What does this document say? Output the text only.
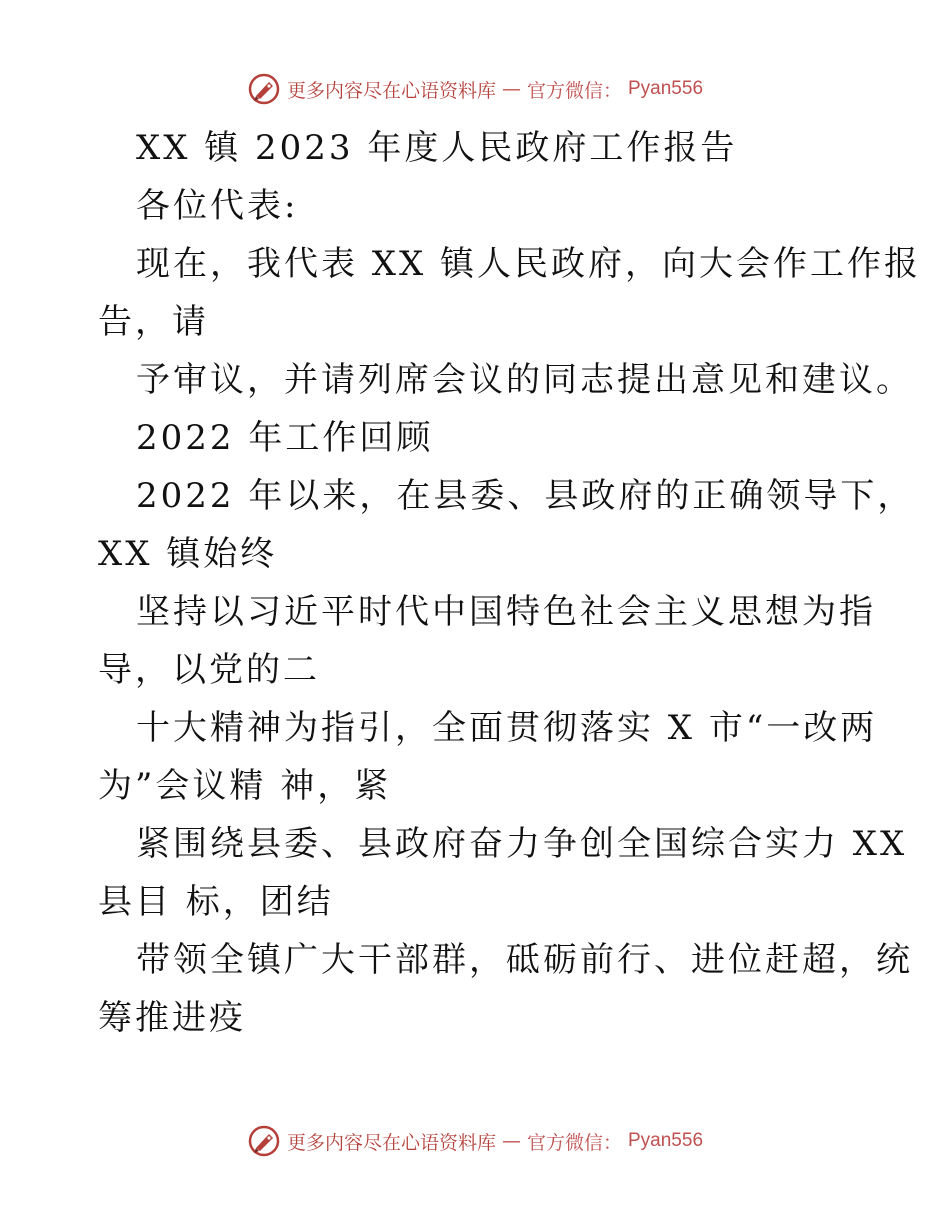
更多内容尽在心语资料库 — 官方微信： Pyan556
XX 镇 2023 年度人民政府工作报告
各位代表:
现在，我代表 XX 镇人民政府，向大会作工作报
告，请
予审议，并请列席会议的同志提出意见和建议。
2022 年工作回顾
2022 年以来，在县委、县政府的正确领导下，
XX 镇始终
坚持以习近平时代中国特色社会主义思想为指
导，以党的二
十大精神为指引，全面贯彻落实 X 市“一改两
为”会议精 神，紧
紧围绕县委、县政府奋力争创全国综合实力 XX
县目 标，团结
带领全镇广大干部群，砥砺前行、进位赶超，统
筹推进疫
更多内容尽在心语资料库 — 官方微信： Pyan556
